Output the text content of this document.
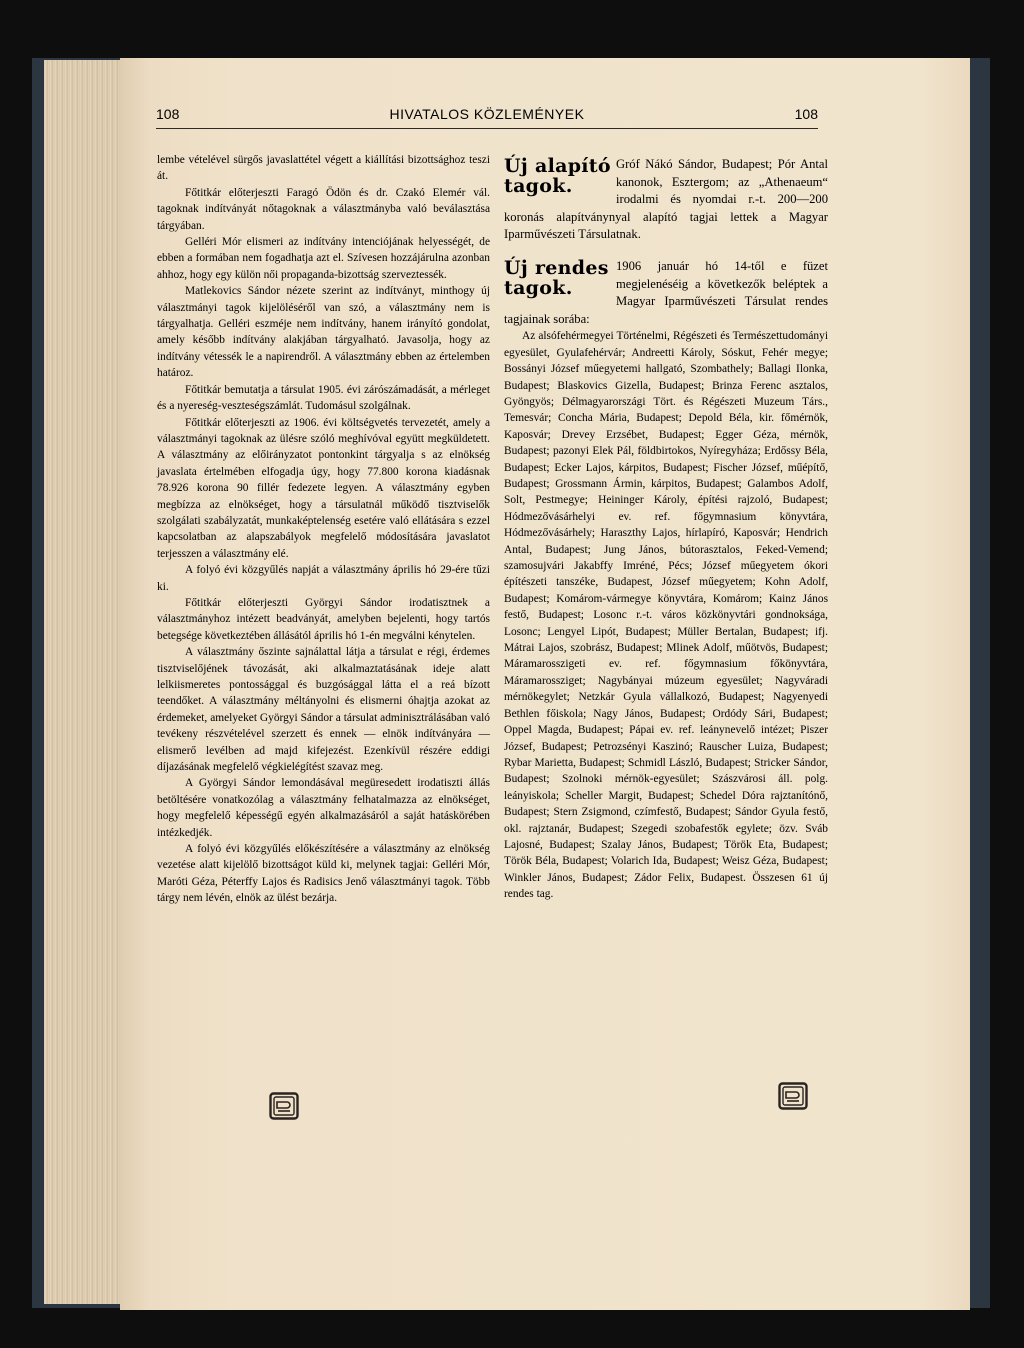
108	HIVATALOS KÖZLEMÉNYEK	108

lembe vételével sürgős javaslattétel végett a kiállítási bizottsághoz teszi át.

Főtitkár előterjeszti Faragó Ödön és dr. Czakó Elemér vál. tagoknak indítványát nőtagoknak a választmányba való beválasztása tárgyában.

Gelléri Mór elismeri az indítvány intenciójának helyességét, de ebben a formában nem fogadhatja azt el. Szívesen hozzájárulna azonban ahhoz, hogy egy külön női propaganda-bizottság szerveztessék.

Matlekovics Sándor nézete szerint az indítványt, minthogy új választmányi tagok kijelöléséről van szó, a választmány nem is tárgyalhatja. Gelléri eszméje nem indítvány, hanem irányító gondolat, amely később indítvány alakjában tárgyalható. Javasolja, hogy az indítvány vétessék le a napirendről. A választmány ebben az értelemben határoz.

Főtitkár bemutatja a társulat 1905. évi zárószámadását, a mérleget és a nyereség-veszteségszámlát. Tudomásul szolgálnak.

Főtitkár előterjeszti az 1906. évi költségvetés tervezetét, amely a választmányi tagoknak az ülésre szóló meghívóval együtt megküldetett. A választmány az előirányzatot pontonkint tárgyalja s az elnökség javaslata értelmében elfogadja úgy, hogy 77.800 korona kiadásnak 78.926 korona 90 fillér fedezete legyen. A választmány egyben megbízza az elnökséget, hogy a társulatnál működő tisztviselők szolgálati szabályzatát, munkaképtelenség esetére való ellátására s ezzel kapcsolatban az alapszabályok megfelelő módosítására javaslatot terjesszen a választmány elé.

A folyó évi közgyűlés napját a választmány április hó 29-ére tűzi ki.

Főtitkár előterjeszti Györgyi Sándor irodatisztnek a választmányhoz intézett beadványát, amelyben bejelenti, hogy tartós betegsége következtében állásától április hó 1-én megválni kénytelen.

A választmány őszinte sajnálattal látja a társulat e régi, érdemes tisztviselőjének távozását, aki alkalmaztatásának ideje alatt lelkiismeretes pontossággal és buzgósággal látta el a reá bízott teendőket. A választmány méltányolni és elismerni óhajtja azokat az érdemeket, amelyeket Györgyi Sándor a társulat adminisztrálásában való tevékeny részvételével szerzett és ennek — elnök indítványára — elismerő levélben ad majd kifejezést. Ezenkívül részére eddigi díjazásának megfelelő végkielégítést szavaz meg.

A Györgyi Sándor lemondásával megüresedett irodatiszti állás betöltésére vonatkozólag a választmány felhatalmazza az elnökséget, hogy megfelelő képességű egyén alkalmazásáról a saját hatáskörében intézkedjék.

A folyó évi közgyűlés előkészítésére a választmány az elnökség vezetése alatt kijelölő bizottságot küld ki, melynek tagjai: Gelléri Mór, Maróti Géza, Péterffy Lajos és Radisics Jenő választmányi tagok. Több tárgy nem lévén, elnök az ülést bezárja.

Új alapító tagok.

Gróf Nákó Sándor, Budapest; Pór Antal kanonok, Esztergom; az „Athenaeum“ irodalmi és nyomdai r.-t. 200—200 koronás alapítványnyal alapító tagjai lettek a Magyar Iparművészeti Társulatnak.

Új rendes tagok.

1906 január hó 14-től e füzet megjelenéséig a következők beléptek a Magyar Iparművészeti Társulat rendes tagjainak sorába:

Az alsófehérmegyei Történelmi, Régészeti és Természettudományi egyesület, Gyulafehérvár; Andreetti Károly, Sóskut, Fehér megye; Bossányi József műegyetemi hallgató, Szombathely; Ballagi Ilonka, Budapest; Blaskovics Gizella, Budapest; Brinza Ferenc asztalos, Gyöngyös; Délmagyarországi Tört. és Régészeti Muzeum Társ., Temesvár; Concha Mária, Budapest; Depold Béla, kir. főmérnök, Kaposvár; Drevey Erzsébet, Budapest; Egger Géza, mérnök, Budapest; pazonyi Elek Pál, földbirtokos, Nyíregyháza; Erdőssy Béla, Budapest; Ecker Lajos, kárpitos, Budapest; Fischer József, műépítő, Budapest; Grossmann Ármin, kárpitos, Budapest; Galambos Adolf, Solt, Pestmegye; Heininger Károly, építési rajzoló, Budapest; Hódmezővásárhelyi ev. ref. főgymnasium könyvtára, Hódmezővásárhely; Haraszthy Lajos, hírlapíró, Kaposvár; Hendrich Antal, Budapest; Jung János, bútorasztalos, Feked-Vemend; szamosujvári Jakabffy Imréné, Pécs; József műegyetem ókori építészeti tanszéke, Budapest, József műegyetem; Kohn Adolf, Budapest; Komárom-vármegye könyvtára, Komárom; Kainz János festő, Budapest; Losonc r.-t. város közkönyvtári gondnoksága, Losonc; Lengyel Lipót, Budapest; Müller Bertalan, Budapest; ifj. Mátrai Lajos, szobrász, Budapest; Mlinek Adolf, műötvös, Budapest; Máramarosszigeti ev. ref. főgymnasium főkönyvtára, Máramarossziget; Nagybányai múzeum egyesület; Nagyváradi mérnökegylet; Netzkár Gyula vállalkozó, Budapest; Nagyenyedi Bethlen főiskola; Nagy János, Budapest; Ordódy Sári, Budapest; Oppel Magda, Budapest; Pápai ev. ref. leánynevelő intézet; Piszer József, Budapest; Petrozsényi Kaszinó; Rauscher Luiza, Budapest; Rybar Marietta, Budapest; Schmidl László, Budapest; Stricker Sándor, Budapest; Szolnoki mérnök-egyesület; Szászvárosi áll. polg. leányiskola; Scheller Margit, Budapest; Schedel Dóra rajztanítónő, Budapest; Stern Zsigmond, czímfestő, Budapest; Sándor Gyula festő, okl. rajztanár, Budapest; Szegedi szobafestők egylete; özv. Sváb Lajosné, Budapest; Szalay János, Budapest; Török Eta, Budapest; Török Béla, Budapest; Volarich Ida, Budapest; Weisz Géza, Budapest; Winkler János, Budapest; Zádor Felix, Budapest. Összesen 61 új rendes tag.
